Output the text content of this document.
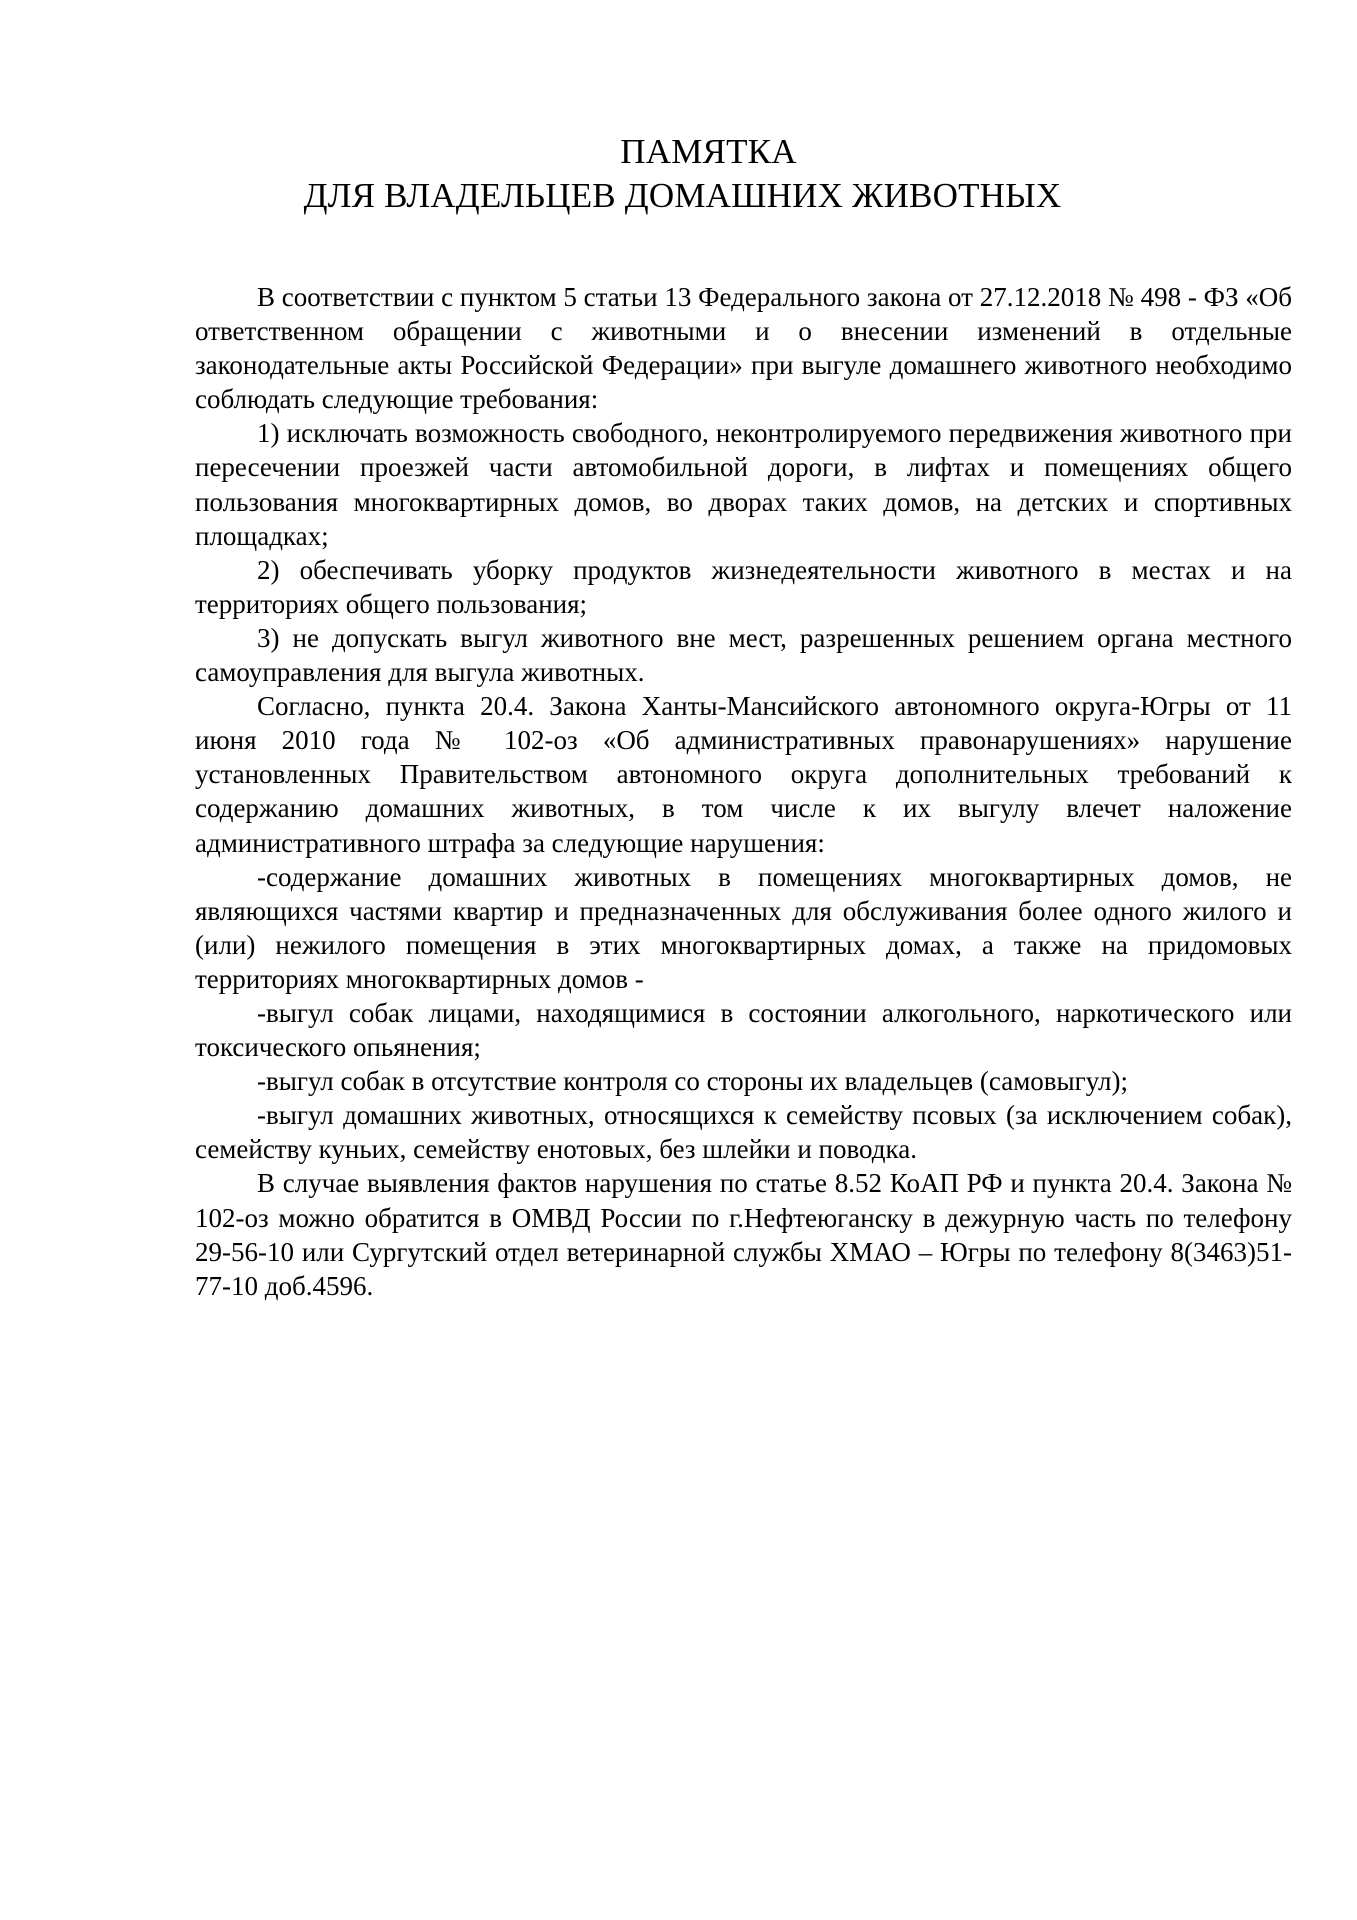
ПАМЯТКА
ДЛЯ ВЛАДЕЛЬЦЕВ ДОМАШНИХ ЖИВОТНЫХ

В соответствии с пунктом 5 статьи 13 Федерального закона от 27.12.2018 № 498 - ФЗ «Об ответственном обращении с животными и о внесении изменений в отдельные законодательные акты Российской Федерации» при выгуле домашнего животного необходимо соблюдать следующие требования:

1) исключать возможность свободного, неконтролируемого передвижения животного при пересечении проезжей части автомобильной дороги, в лифтах и помещениях общего пользования многоквартирных домов, во дворах таких домов, на детских и спортивных площадках;

2) обеспечивать уборку продуктов жизнедеятельности животного в местах и на территориях общего пользования;

3) не допускать выгул животного вне мест, разрешенных решением органа местного самоуправления для выгула животных.

Согласно, пункта 20.4. Закона Ханты-Мансийского автономного округа-Югры от 11 июня 2010 года № 102-оз «Об административных правонарушениях» нарушение установленных Правительством автономного округа дополнительных требований к содержанию домашних животных, в том числе к их выгулу влечет наложение административного штрафа за следующие нарушения:

-содержание домашних животных в помещениях многоквартирных домов, не являющихся частями квартир и предназначенных для обслуживания более одного жилого и (или) нежилого помещения в этих многоквартирных домах, а также на придомовых территориях многоквартирных домов -

-выгул собак лицами, находящимися в состоянии алкогольного, наркотического или токсического опьянения;

-выгул собак в отсутствие контроля со стороны их владельцев (самовыгул);

-выгул домашних животных, относящихся к семейству псовых (за исключением собак), семейству куньих, семейству енотовых, без шлейки и поводка.

В случае выявления фактов нарушения по статье 8.52 КоАП РФ и пункта 20.4. Закона № 102-оз можно обратится в ОМВД России по г.Нефтеюганску в дежурную часть по телефону 29-56-10 или Сургутский отдел ветеринарной службы ХМАО – Югры по телефону 8(3463)51-77-10 доб.4596.
